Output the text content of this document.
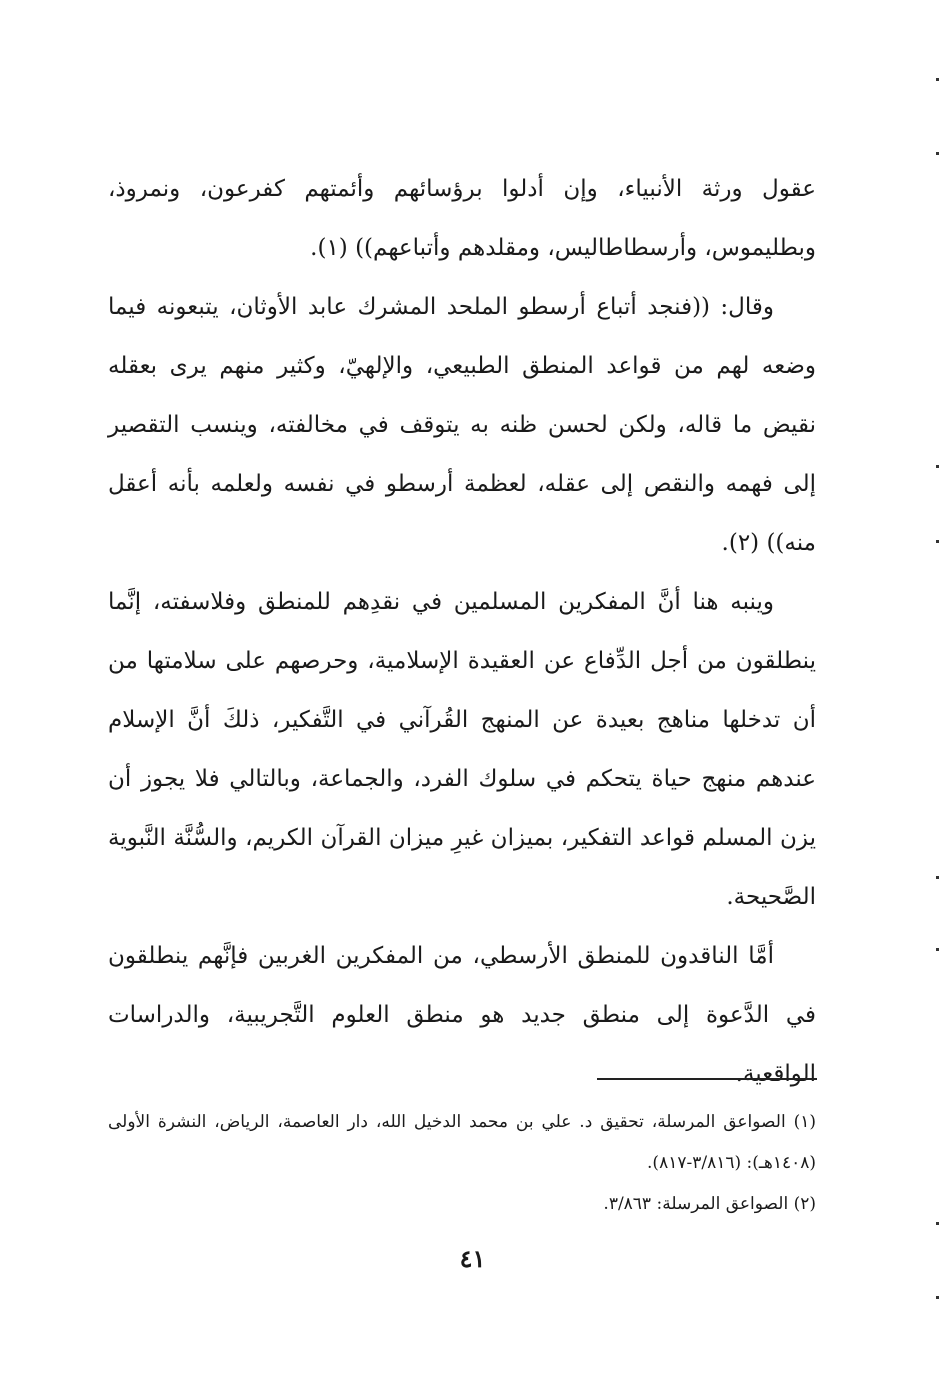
عقول ورثة الأنبياء، وإن أدلوا برؤسائهم وأئمتهم كفرعون، ونمروذ، وبطليموس، وأرسطاطاليس، ومقلدهم وأتباعهم)) (١).

وقال: ((فنجد أتباع أرسطو الملحد المشرك عابد الأوثان، يتبعونه فيما وضعه لهم من قواعد المنطق الطبيعي، والإلهيّ، وكثير منهم يرى بعقله نقيض ما قاله، ولكن لحسن ظنه به يتوقف في مخالفته، وينسب التقصير إلى فهمه والنقص إلى عقله، لعظمة أرسطو في نفسه ولعلمه بأنه أعقل منه)) (٢).

وينبه هنا أنَّ المفكرين المسلمين في نقدِهم للمنطق وفلاسفته، إنَّما ينطلقون من أجل الدِّفاع عن العقيدة الإسلامية، وحرصهم على سلامتها من أن تدخلها مناهج بعيدة عن المنهج القُرآني في التَّفكير، ذلكَ أنَّ الإسلام عندهم منهج حياة يتحكم في سلوك الفرد، والجماعة، وبالتالي فلا يجوز أن يزن المسلم قواعد التفكير، بميزان غيرِ ميزان القرآن الكريم، والسُّنَّة النَّبوية الصَّحيحة.

أمَّا الناقدون للمنطق الأرسطي، من المفكرين الغربين فإنَّهم ينطلقون في الدَّعوة إلى منطق جديد هو منطق العلوم التَّجريبية، والدراسات الواقعية.

(١) الصواعق المرسلة، تحقيق د. علي بن محمد الدخيل الله، دار العاصمة، الرياض، النشرة الأولى (١٤٠٨هـ): (٣/٨١٦-٨١٧).

(٢) الصواعق المرسلة: ٣/٨٦٣.

٤١
